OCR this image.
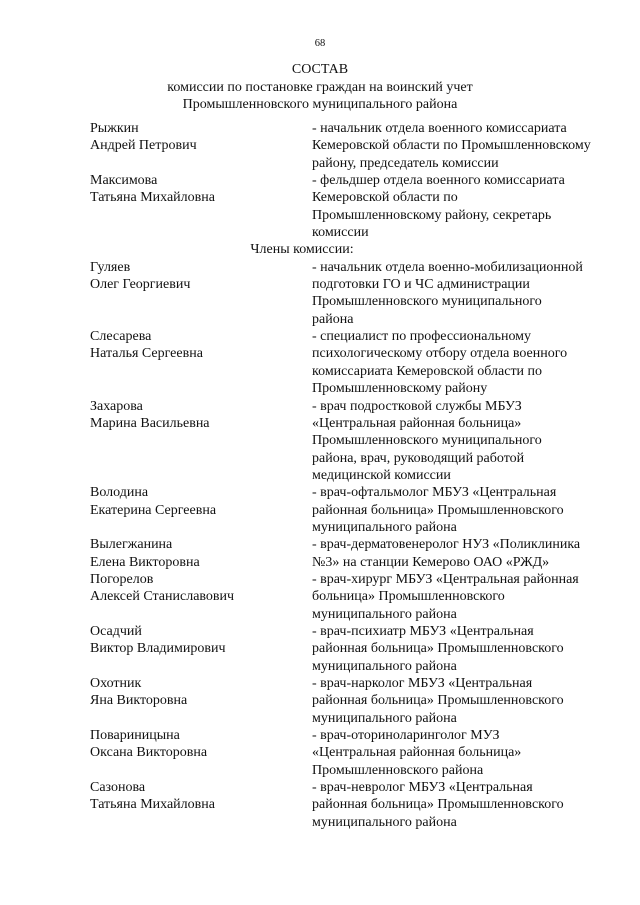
68
СОСТАВ
комиссии по постановке граждан на воинский учет
Промышленновского муниципального района
Рыжкин
Андрей Петрович
- начальник отдела военного комиссариата
Кемеровской области по Промышленновскому
району, председатель комиссии
Максимова
Татьяна Михайловна
- фельдшер отдела военного комиссариата
Кемеровской области по
Промышленновскому району, секретарь
комиссии
Члены комиссии:
Гуляев
Олег Георгиевич
- начальник отдела военно-мобилизационной
подготовки ГО и ЧС администрации
Промышленновского муниципального
района
Слесарева
Наталья Сергеевна
- специалист по профессиональному
психологическому отбору отдела военного
комиссариата Кемеровской области по
Промышленновскому району
Захарова
Марина Васильевна
- врач подростковой службы МБУЗ
«Центральная районная больница»
Промышленновского муниципального
района, врач, руководящий работой
медицинской комиссии
Володина
Екатерина Сергеевна
- врач-офтальмолог МБУЗ «Центральная
районная больница» Промышленновского
муниципального района
Вылегжанина
Елена Викторовна
- врач-дерматовенеролог НУЗ «Поликлиника
№3» на станции Кемерово ОАО «РЖД»
Погорелов
Алексей Станиславович
- врач-хирург МБУЗ «Центральная районная
больница» Промышленновского
муниципального района
Осадчий
Виктор Владимирович
- врач-психиатр МБУЗ «Центральная
районная больница» Промышленновского
муниципального района
Охотник
Яна Викторовна
- врач-нарколог МБУЗ «Центральная
районная больница» Промышленновского
муниципального района
Повариницына
Оксана Викторовна
- врач-оториноларинголог МУЗ
«Центральная районная больница»
Промышленновского района
Сазонова
Татьяна Михайловна
- врач-невролог МБУЗ «Центральная
районная больница» Промышленновского
муниципального района
